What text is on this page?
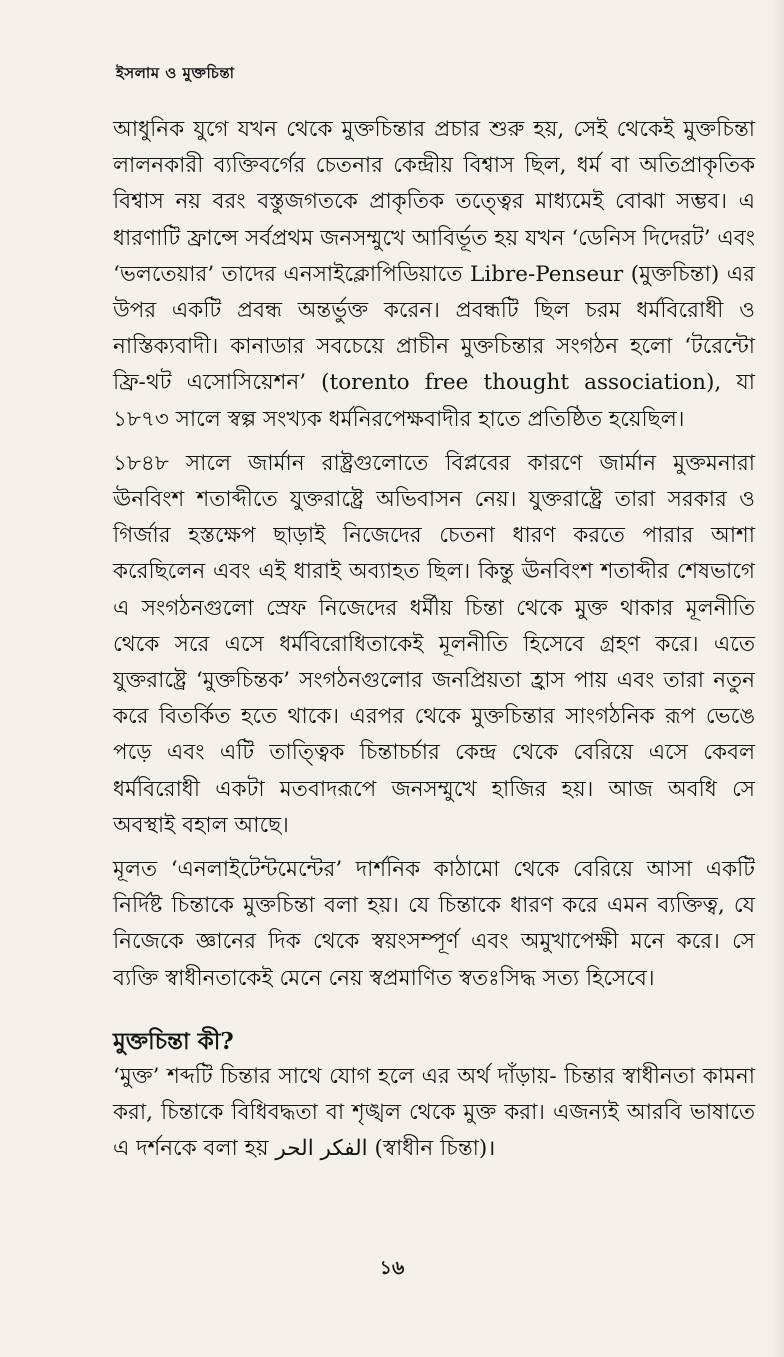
ইসলাম ও মুক্তচিন্তা

আধুনিক যুগে যখন থেকে মুক্তচিন্তার প্রচার শুরু হয়, সেই থেকেই মুক্তচিন্তা লালনকারী ব্যক্তিবর্গের চেতনার কেন্দ্রীয় বিশ্বাস ছিল, ধর্ম বা অতিপ্রাকৃতিক বিশ্বাস নয় বরং বস্তুজগতকে প্রাকৃতিক তত্ত্বের মাধ্যমেই বোঝা সম্ভব। এ ধারণাটি ফ্রান্সে সর্বপ্রথম জনসম্মুখে আবির্ভূত হয় যখন ‘ডেনিস দিদেরট’ এবং ‘ভলতেয়ার’ তাদের এনসাইক্লোপিডিয়াতে Libre-Penseur (মুক্তচিন্তা) এর উপর একটি প্রবন্ধ অন্তর্ভুক্ত করেন। প্রবন্ধটি ছিল চরম ধর্মবিরোধী ও নাস্তিক্যবাদী। কানাডার সবচেয়ে প্রাচীন মুক্তচিন্তার সংগঠন হলো ‘টরেন্টো ফ্রি-থট এসোসিয়েশন’ (torento free thought association), যা ১৮৭৩ সালে স্বল্প সংখ্যক ধর্মনিরপেক্ষবাদীর হাতে প্রতিষ্ঠিত হয়েছিল।

১৮৪৮ সালে জার্মান রাষ্ট্রগুলোতে বিপ্লবের কারণে জার্মান মুক্তমনারা ঊনবিংশ শতাব্দীতে যুক্তরাষ্ট্রে অভিবাসন নেয়। যুক্তরাষ্ট্রে তারা সরকার ও গির্জার হস্তক্ষেপ ছাড়াই নিজেদের চেতনা ধারণ করতে পারার আশা করেছিলেন এবং এই ধারাই অব্যাহত ছিল। কিন্তু ঊনবিংশ শতাব্দীর শেষভাগে এ সংগঠনগুলো স্রেফ নিজেদের ধর্মীয় চিন্তা থেকে মুক্ত থাকার মূলনীতি থেকে সরে এসে ধর্মবিরোধিতাকেই মূলনীতি হিসেবে গ্রহণ করে। এতে যুক্তরাষ্ট্রে ‘মুক্তচিন্তক’ সংগঠনগুলোর জনপ্রিয়তা হ্রাস পায় এবং তারা নতুন করে বিতর্কিত হতে থাকে। এরপর থেকে মুক্তচিন্তার সাংগঠনিক রূপ ভেঙে পড়ে এবং এটি তাত্ত্বিক চিন্তাচর্চার কেন্দ্র থেকে বেরিয়ে এসে কেবল ধর্মবিরোধী একটা মতবাদরূপে জনসম্মুখে হাজির হয়। আজ অবধি সে অবস্থাই বহাল আছে।

মূলত ‘এনলাইটেন্টমেন্টের’ দার্শনিক কাঠামো থেকে বেরিয়ে আসা একটি নির্দিষ্ট চিন্তাকে মুক্তচিন্তা বলা হয়। যে চিন্তাকে ধারণ করে এমন ব্যক্তিত্ব, যে নিজেকে জ্ঞানের দিক থেকে স্বয়ংসম্পূর্ণ এবং অমুখাপেক্ষী মনে করে। সে ব্যক্তি স্বাধীনতাকেই মেনে নেয় স্বপ্রমাণিত স্বতঃসিদ্ধ সত্য হিসেবে।

মুক্তচিন্তা কী?

‘মুক্ত’ শব্দটি চিন্তার সাথে যোগ হলে এর অর্থ দাঁড়ায়- চিন্তার স্বাধীনতা কামনা করা, চিন্তাকে বিধিবদ্ধতা বা শৃঙ্খল থেকে মুক্ত করা। এজন্যই আরবি ভাষাতে এ দর্শনকে বলা হয় الفكر الحر (স্বাধীন চিন্তা)।

১৬
